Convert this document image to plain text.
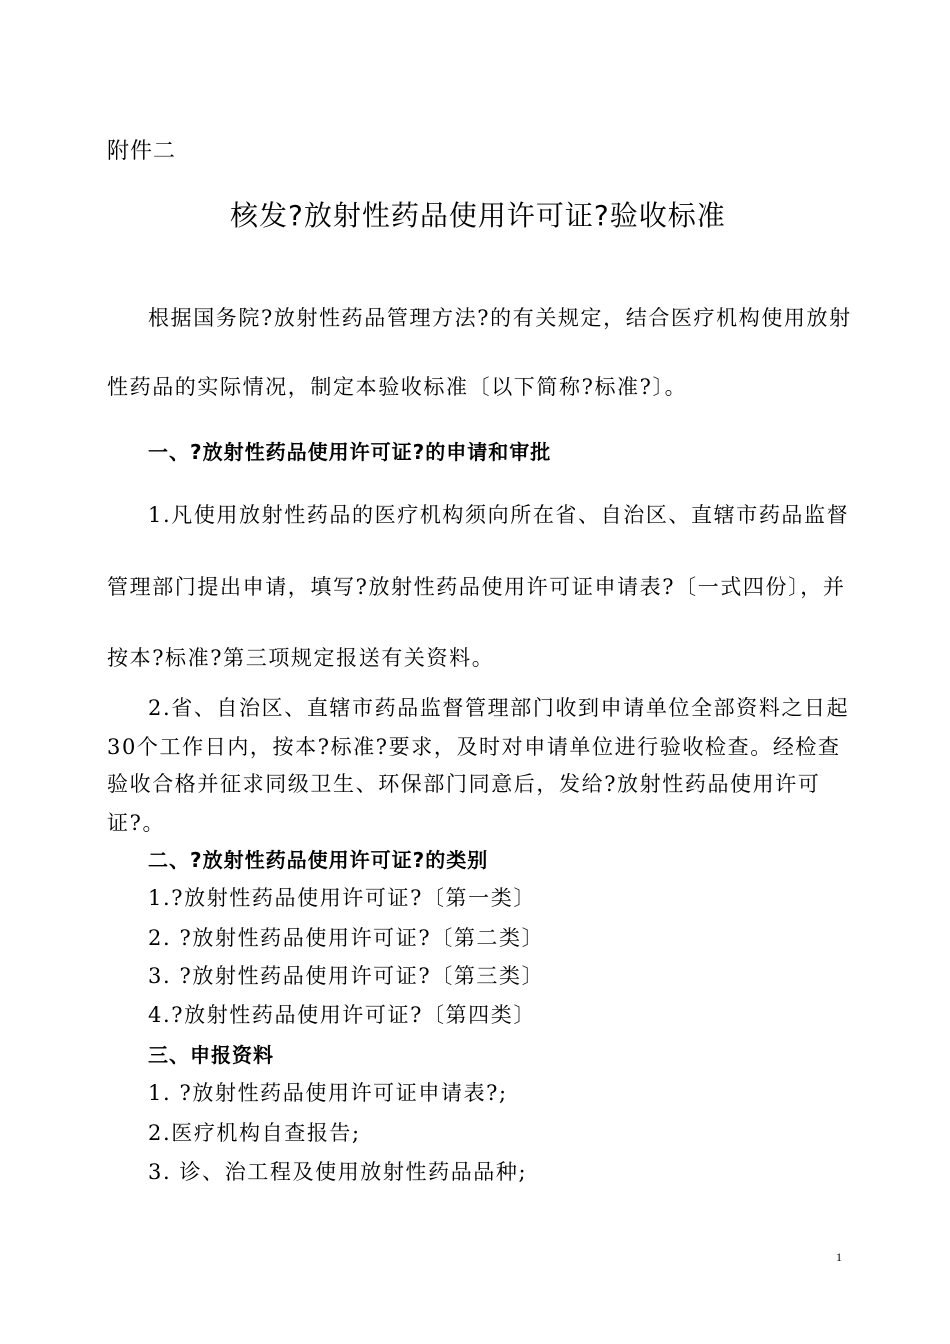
附件二
核发?放射性药品使用许可证?验收标准
根据国务院?放射性药品管理方法?的有关规定，结合医疗机构使用放射
性药品的实际情况，制定本验收标准〔以下简称?标准?〕。
一、?放射性药品使用许可证?的申请和审批
1.凡使用放射性药品的医疗机构须向所在省、自治区、直辖市药品监督
管理部门提出申请，填写?放射性药品使用许可证申请表?〔一式四份〕，并
按本?标准?第三项规定报送有关资料。
2.省、自治区、直辖市药品监督管理部门收到申请单位全部资料之日起
30个工作日内，按本?标准?要求，及时对申请单位进行验收检查。经检查
验收合格并征求同级卫生、环保部门同意后，发给?放射性药品使用许可
证?。
二、?放射性药品使用许可证?的类别
1.?放射性药品使用许可证?〔第一类〕
2. ?放射性药品使用许可证?〔第二类〕
3. ?放射性药品使用许可证?〔第三类〕
4.?放射性药品使用许可证?〔第四类〕
三、申报资料
1. ?放射性药品使用许可证申请表?;
2.医疗机构自查报告;
3. 诊、治工程及使用放射性药品品种;
1
